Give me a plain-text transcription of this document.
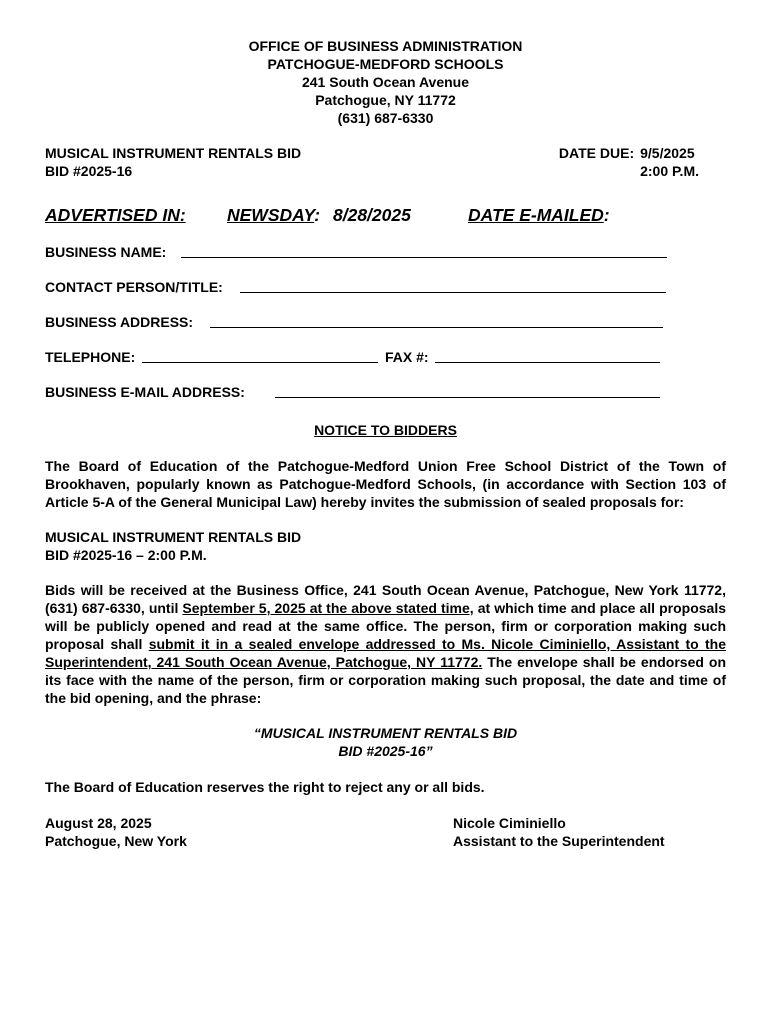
OFFICE OF BUSINESS ADMINISTRATION
PATCHOGUE-MEDFORD SCHOOLS
241 South Ocean Avenue
Patchogue, NY 11772
(631) 687-6330
MUSICAL INSTRUMENT RENTALS BID
BID #2025-16
DATE DUE: 9/5/2025
2:00 P.M.
ADVERTISED IN: NEWSDAY: 8/28/2025	DATE E-MAILED:
BUSINESS NAME:
CONTACT PERSON/TITLE:
BUSINESS ADDRESS:
TELEPHONE:	FAX #:
BUSINESS E-MAIL ADDRESS:
NOTICE TO BIDDERS

The Board of Education of the Patchogue-Medford Union Free School District of the Town of Brookhaven, popularly known as Patchogue-Medford Schools, (in accordance with Section 103 of Article 5-A of the General Municipal Law) hereby invites the submission of sealed proposals for:

MUSICAL INSTRUMENT RENTALS BID
BID #2025-16 – 2:00 P.M.

Bids will be received at the Business Office, 241 South Ocean Avenue, Patchogue, New York 11772, (631) 687-6330, until September 5, 2025 at the above stated time, at which time and place all proposals will be publicly opened and read at the same office. The person, firm or corporation making such proposal shall submit it in a sealed envelope addressed to Ms. Nicole Ciminiello, Assistant to the Superintendent, 241 South Ocean Avenue, Patchogue, NY 11772. The envelope shall be endorsed on its face with the name of the person, firm or corporation making such proposal, the date and time of the bid opening, and the phrase:

“MUSICAL INSTRUMENT RENTALS BID
BID #2025-16”
The Board of Education reserves the right to reject any or all bids.
August 28, 2025
Patchogue, New York
Nicole Ciminiello
Assistant to the Superintendent
